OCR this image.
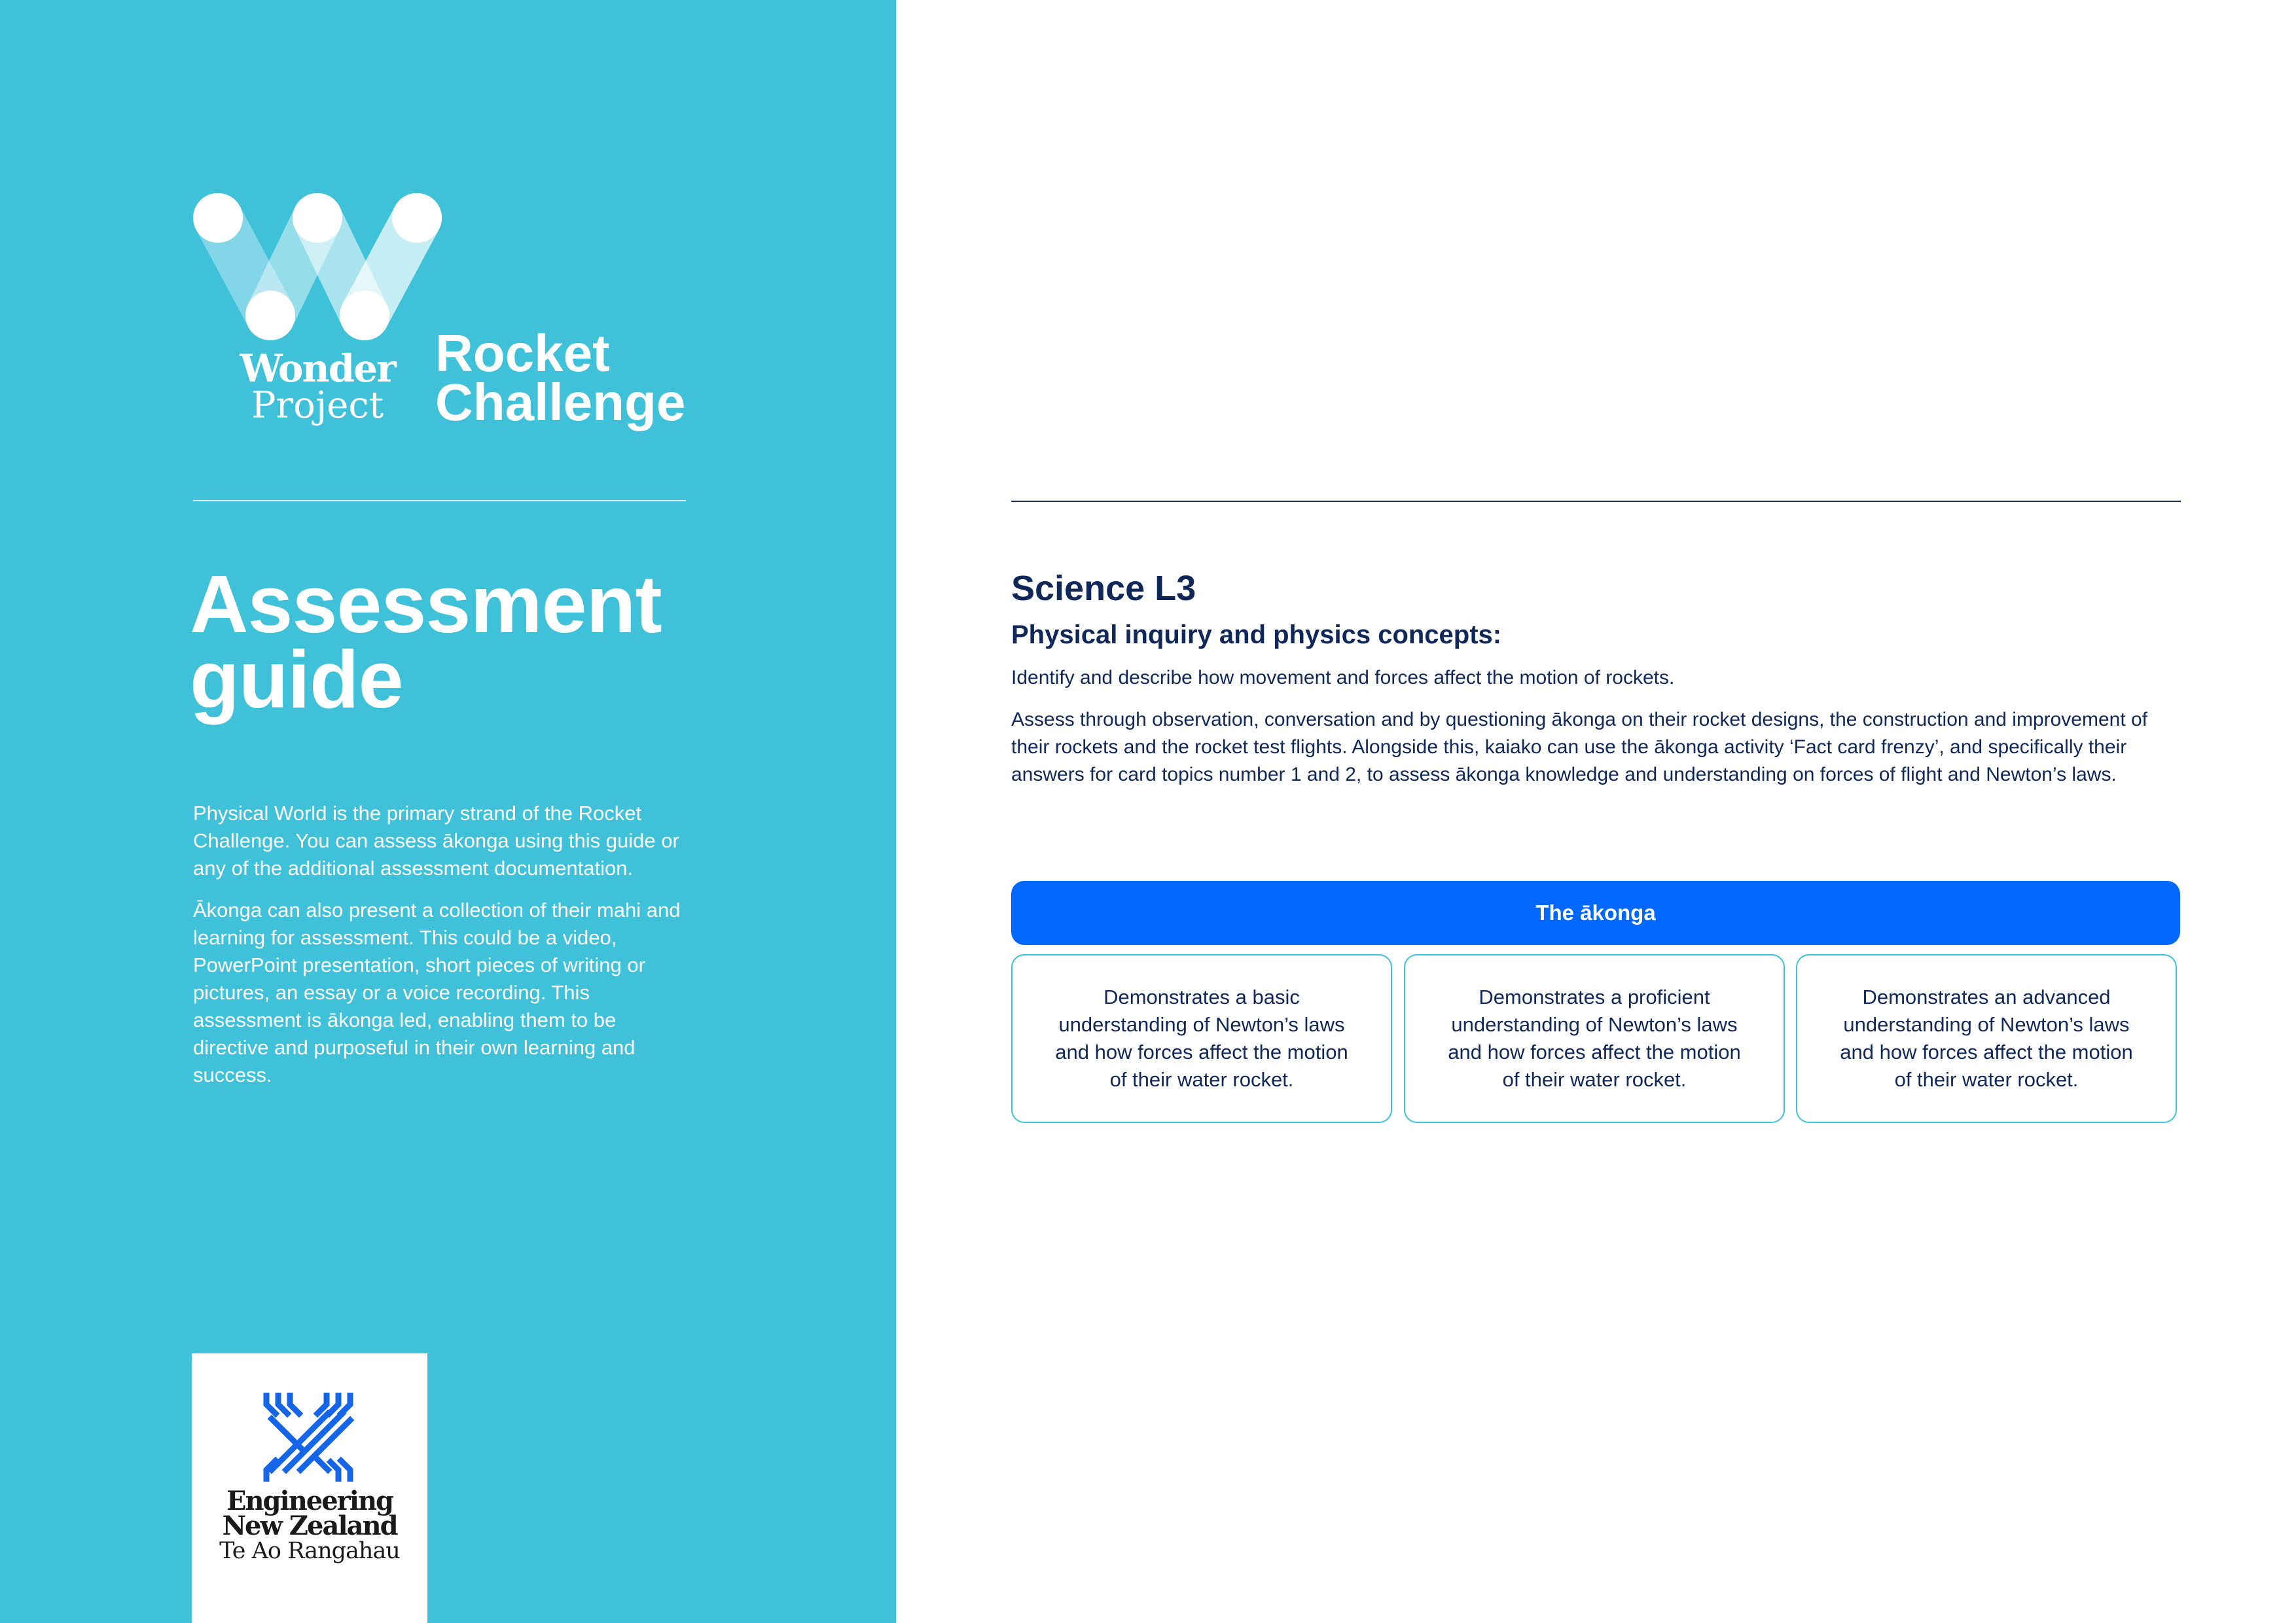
Wonder
Project
Rocket
Challenge
Assessment
guide

Physical World is the primary strand of the Rocket Challenge. You can assess ākonga using this guide or any of the additional assessment documentation.

Ākonga can also present a collection of their mahi and learning for assessment. This could be a video, PowerPoint presentation, short pieces of writing or pictures, an essay or a voice recording. This assessment is ākonga led, enabling them to be directive and purposeful in their own learning and success.

Engineering
New Zealand
Te Ao Rangahau
Science L3
Physical inquiry and physics concepts:

Identify and describe how movement and forces affect the motion of rockets.

Assess through observation, conversation and by questioning ākonga on their rocket designs, the construction and improvement of their rockets and the rocket test flights. Alongside this, kaiako can use the ākonga activity ‘Fact card frenzy’, and specifically their answers for card topics number 1 and 2, to assess ākonga knowledge and understanding on forces of flight and Newton’s laws.

The ākonga
Demonstrates a basic understanding of Newton’s laws and how forces affect the motion of their water rocket.
Demonstrates a proficient understanding of Newton’s laws and how forces affect the motion of their water rocket.
Demonstrates an advanced understanding of Newton’s laws and how forces affect the motion of their water rocket.
